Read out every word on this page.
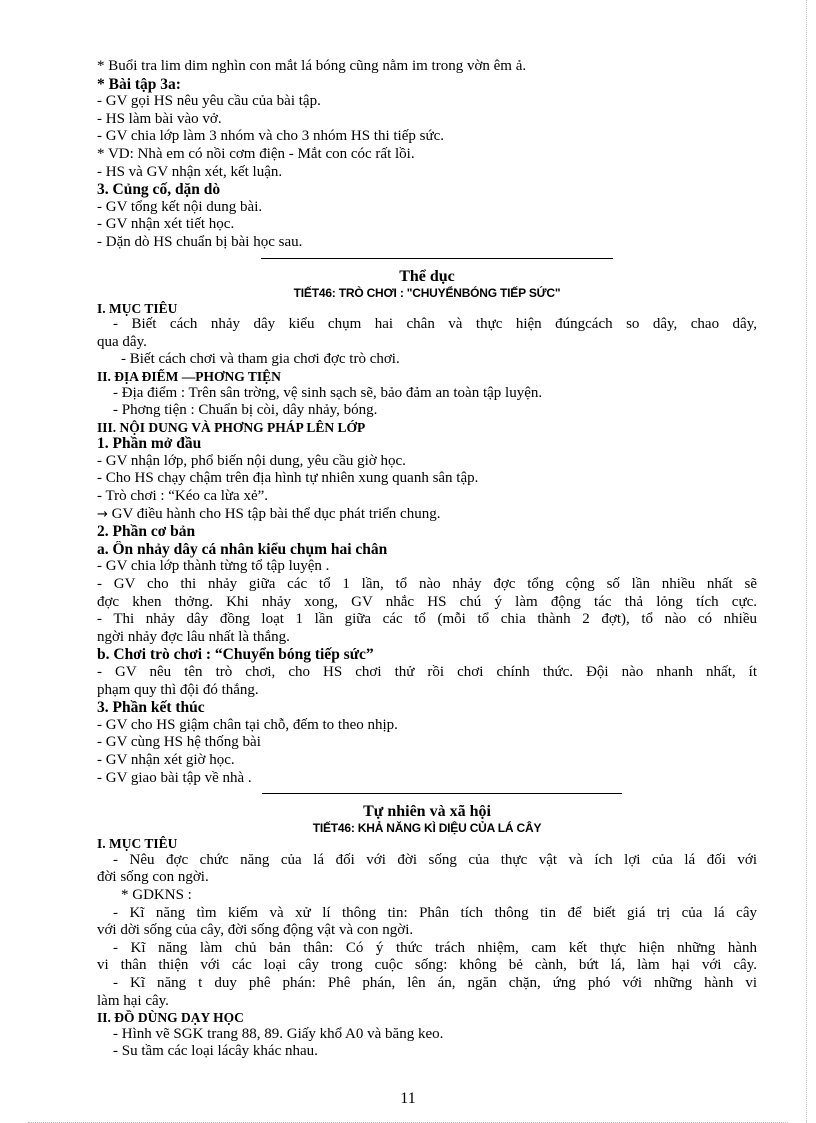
* Buổi tra lim dim nghìn con mắt lá bóng cũng nằm im trong vờn êm ả.
* Bài tập 3a:
- GV gọi HS nêu yêu cầu của bài tập.
- HS làm bài vào vở.
- GV chia lớp làm 3 nhóm và cho 3 nhóm HS thi tiếp sức.
* VD: Nhà em có nồi cơm điện - Mắt con cóc rất lồi.
- HS và GV nhận xét, kết luận.
3. Củng cố, dặn dò
- GV tổng kết nội dung bài.
- GV nhận xét tiết học.
- Dặn dò HS chuẩn bị bài học sau.
Thể dục
TIẾT46: TRÒ CHƠI : "CHUYỂNBÓNG TIẾP SỨC"
I. MỤC TIÊU
- Biết cách nhảy dây kiểu chụm hai chân và thực hiện đúngcách so dây, chao dây,
qua dây.
- Biết cách chơi và tham gia chơi đợc trò chơi.
II. ĐỊA ĐIỂM —PHƠNG TIỆN
- Địa điểm : Trên sân trờng, vệ sinh sạch sẽ, bảo đảm an toàn tập luyện.
- Phơng tiện : Chuẩn bị còi, dây nhảy, bóng.
III. NỘI DUNG VÀ PHƠNG PHÁP LÊN LỚP
1. Phần mở đầu
- GV nhận lớp, phổ biến nội dung, yêu cầu giờ học.
- Cho HS chạy chậm trên địa hình tự nhiên xung quanh sân tập.
- Trò chơi : “Kéo ca lừa xẻ”.
→ GV điều hành cho HS tập bài thể dục phát triển chung.
2. Phần cơ bản
a. Ôn nhảy dây cá nhân kiểu chụm hai chân
- GV chia lớp thành từng tổ tập luyện .
- GV cho thi nhảy giữa các tổ 1 lần, tổ nào nhảy đợc tổng cộng số lần nhiều nhất sẽ
đợc khen thởng. Khi nhảy xong, GV nhắc HS chú ý làm động tác thả lỏng tích cực.
- Thi nhảy dây đồng loạt 1 lần giữa các tổ (mỗi tổ chia thành 2 đợt), tổ nào có nhiều
ngời nhảy đợc lâu nhất là thắng.
b. Chơi trò chơi : “Chuyển bóng tiếp sức”
- GV nêu tên trò chơi, cho HS chơi thử rồi chơi chính thức. Đội nào nhanh nhất, ít
phạm quy thì đội đó thắng.
3. Phần kết thúc
- GV cho HS giậm chân tại chỗ, đếm to theo nhịp.
- GV cùng HS hệ thống bài
- GV nhận xét giờ học.
- GV giao bài tập về nhà .
Tự nhiên và xã hội
TIẾT46: KHẢ NĂNG KÌ DIỆU CỦA LÁ CÂY
I. MỤC TIÊU
- Nêu đợc chức năng của lá đối với đời sống của thực vật và ích lợi của lá đối với
đời sống con ngời.
* GDKNS :
- Kĩ năng tìm kiếm và xử lí thông tin: Phân tích thông tin để biết giá trị của lá cây
với dời sống của cây, đời sống động vật và con ngời.
- Kĩ năng làm chủ bản thân: Có ý thức trách nhiệm, cam kết thực hiện những hành
vi thân thiện với các loại cây trong cuộc sống: không bẻ cành, bứt lá, làm hại với cây.
- Kĩ năng t duy phê phán: Phê phán, lên án, ngăn chặn, ứng phó với những hành vi
làm hại cây.
II. ĐỒ DÙNG DẠY HỌC
- Hình vẽ SGK trang 88, 89. Giấy khổ A0 và băng keo.
- Su tầm các loại lácây khác nhau.
11
